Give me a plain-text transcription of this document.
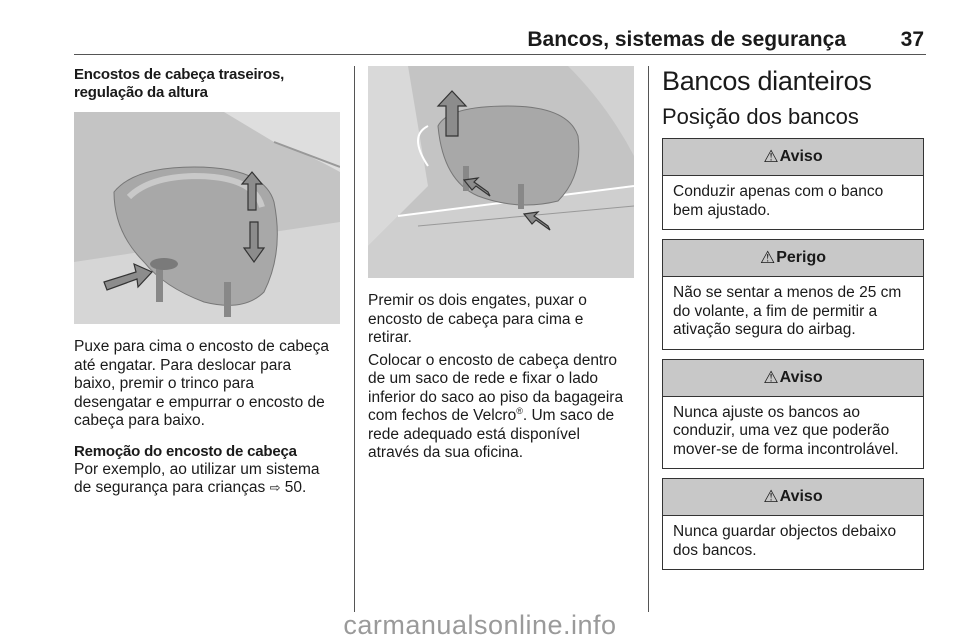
Bancos, sistemas de segurança	37

Encostos de cabeça traseiros,
regulação da altura

Puxe para cima o encosto de cabeça
até engatar. Para deslocar para
baixo, premir o trinco para
desengatar e empurrar o encosto de
cabeça para baixo.

Remoção do encosto de cabeça

Por exemplo, ao utilizar um sistema
de segurança para crianças ⇨ 50.

Premir os dois engates, puxar o
encosto de cabeça para cima e
retirar.

Colocar o encosto de cabeça dentro
de um saco de rede e fixar o lado
inferior do saco ao piso da bagageira
com fechos de Velcro®. Um saco de
rede adequado está disponível
através da sua oficina.

Bancos dianteiros
Posição dos bancos
⚠ Aviso
Conduzir apenas com o banco
bem ajustado.
⚠ Perigo
Não se sentar a menos de 25 cm
do volante, a fim de permitir a
ativação segura do airbag.
⚠ Aviso
Nunca ajuste os bancos ao
conduzir, uma vez que poderão
mover-se de forma incontrolável.
⚠ Aviso
Nunca guardar objectos debaixo
dos bancos.
carmanualsonline.info
